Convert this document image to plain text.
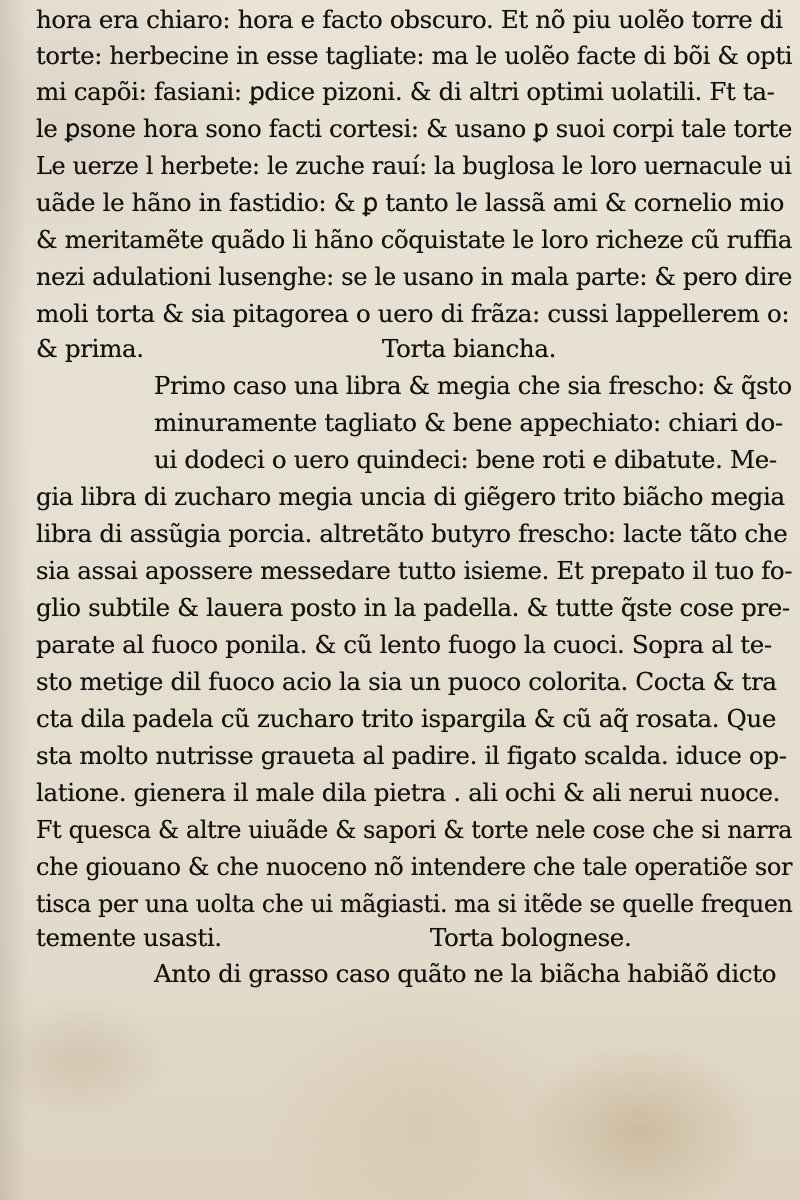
hora era chiaro: hora e facto obscuro. Et nõ piu uolẽo torre di
torte: herbecine in esse tagliate: ma le uolẽo facte di bõi & opti
mi capõi: fasiani: ꝑdice pizoni. & di altri optimi uolatili. Ft ta-
le ꝑsone hora sono facti cortesi: & usano ꝑ suoi corpi tale torte
Le uerze l herbete: le zuche rauí: la buglosa le loro uernacule ui
uãde le hãno in fastidio: & ꝑ tanto le lassã ami & cornelio mio
& meritamẽte quãdo li hãno cõquistate le loro richeze cũ ruffia
nezi adulationi lusenghe: se le usano in mala parte: & pero dire
moli torta & sia pitagorea o uero di frãza: cussi lappellerem o:
& prima.	Torta biancha.
Primo caso una libra & megia che sia frescho: & q̃sto
minuramente tagliato & bene appechiato: chiari do-
ui dodeci o uero quindeci: bene roti e dibatute. Me-
gia libra di zucharo megia uncia di giẽgero trito biãcho megia
libra di assũgia porcia. altretãto butyro frescho: lacte tãto che
sia assai apossere messedare tutto isieme. Et prepato il tuo fo-
glio subtile & lauera posto in la padella. & tutte q̃ste cose pre-
parate al fuoco ponila. & cũ lento fuogo la cuoci. Sopra al te-
sto metige dil fuoco acio la sia un puoco colorita. Cocta & tra
cta dila padela cũ zucharo trito ispargila & cũ aq̃ rosata. Que
sta molto nutrisse graueta al padire. il figato scalda. iduce op-
latione. gienera il male dila pietra . ali ochi & ali nerui nuoce.
Ft quesca & altre uiuãde & sapori & torte nele cose che si narra
che giouano & che nuoceno nõ intendere che tale operatiõe sor
tisca per una uolta che ui mãgiasti. ma si itẽde se quelle frequen
temente usasti.	Torta bolognese.
Anto di grasso caso quãto ne la biãcha habiãõ dicto
